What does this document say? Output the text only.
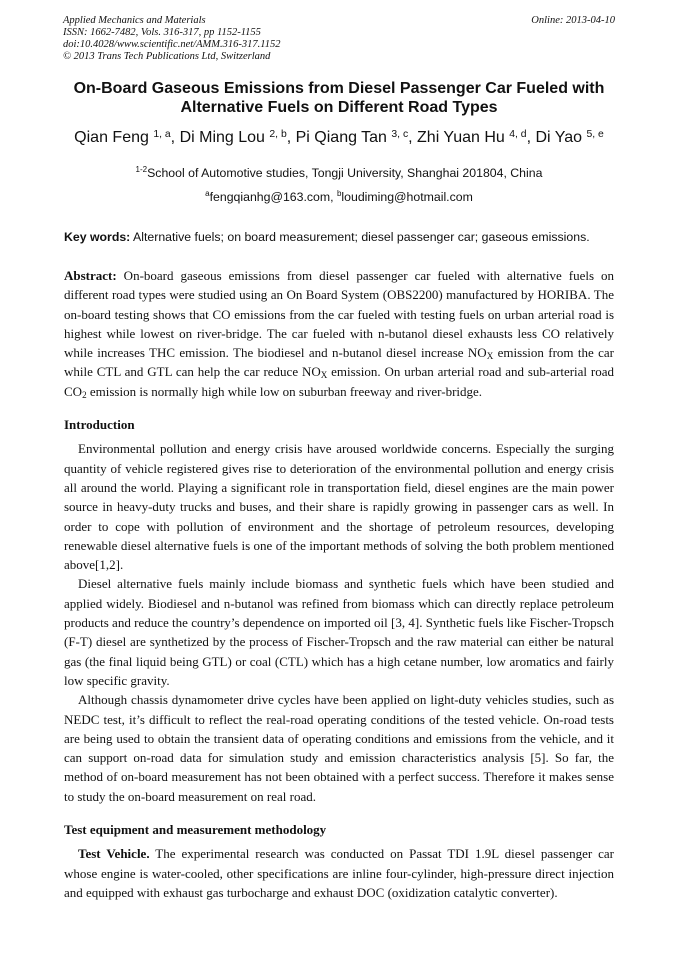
Applied Mechanics and Materials
ISSN: 1662-7482, Vols. 316-317, pp 1152-1155
doi:10.4028/www.scientific.net/AMM.316-317.1152
© 2013 Trans Tech Publications Ltd, Switzerland
Online: 2013-04-10
On-Board Gaseous Emissions from Diesel Passenger Car Fueled with
Alternative Fuels on Different Road Types
Qian Feng $^{1, a}$, Di Ming Lou $^{2, b}$, Pi Qiang Tan $^{3, c}$, Zhi Yuan Hu $^{4, d}$, Di Yao $^{5, e}$
$^{1-2}$School of Automotive studies, Tongji University, Shanghai 201804, China
$^a$fengqianhg@163.com, $^b$loudiming@hotmail.com
Key words: Alternative fuels; on board measurement; diesel passenger car; gaseous emissions.

Abstract: On-board gaseous emissions from diesel passenger car fueled with alternative fuels on different road types were studied using an On Board System (OBS2200) manufactured by HORIBA. The on-board testing shows that CO emissions from the car fueled with testing fuels on urban arterial road is highest while lowest on river-bridge. The car fueled with n-butanol diesel exhausts less CO relatively while increases THC emission. The biodiesel and n-butanol diesel increase $NO_X$ emission from the car while CTL and GTL can help the car reduce $NO_X$ emission. On urban arterial road and sub-arterial road $CO_2$ emission is normally high while low on suburban freeway and river-bridge.

Introduction

Environmental pollution and energy crisis have aroused worldwide concerns. Especially the surging quantity of vehicle registered gives rise to deterioration of the environmental pollution and energy crisis all around the world. Playing a significant role in transportation field, diesel engines are the main power source in heavy-duty trucks and buses, and their share is rapidly growing in passenger cars as well. In order to cope with pollution of environment and the shortage of petroleum resources, developing renewable diesel alternative fuels is one of the important methods of solving the both problem mentioned above[1,2].

Diesel alternative fuels mainly include biomass and synthetic fuels which have been studied and applied widely. Biodiesel and n-butanol was refined from biomass which can directly replace petroleum products and reduce the country’s dependence on imported oil [3, 4]. Synthetic fuels like Fischer-Tropsch (F-T) diesel are synthetized by the process of Fischer-Tropsch and the raw material can either be natural gas (the final liquid being GTL) or coal (CTL) which has a high cetane number, low aromatics and fairly low specific gravity.

Although chassis dynamometer drive cycles have been applied on light-duty vehicles studies, such as NEDC test, it’s difficult to reflect the real-road operating conditions of the tested vehicle. On-road tests are being used to obtain the transient data of operating conditions and emissions from the vehicle, and it can support on-road data for simulation study and emission characteristics analysis [5]. So far, the method of on-board measurement has not been obtained with a perfect success. Therefore it makes sense to study the on-board measurement on real road.

Test equipment and measurement methodology

Test Vehicle. The experimental research was conducted on Passat TDI 1.9L diesel passenger car whose engine is water-cooled, other specifications are inline four-cylinder, high-pressure direct injection and equipped with exhaust gas turbocharge and exhaust DOC (oxidization catalytic converter).
